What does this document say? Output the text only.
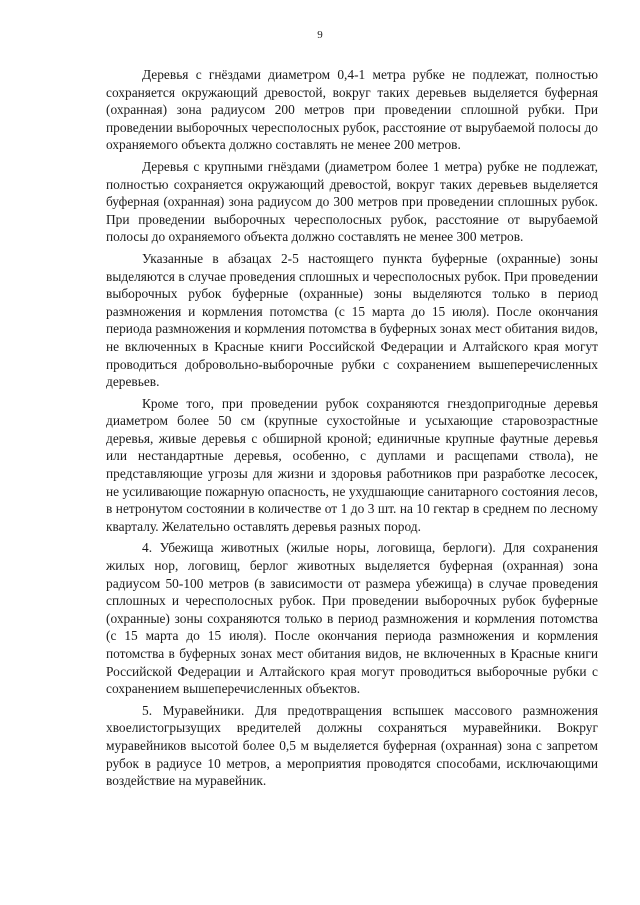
9

Деревья с гнёздами диаметром 0,4-1 метра рубке не подлежат, полностью сохраняется окружающий древостой, вокруг таких деревьев выделяется буферная (охранная) зона радиусом 200 метров при проведении сплошной рубки. При проведении выборочных чересполосных рубок, расстояние от вырубаемой полосы до охраняемого объекта должно составлять не менее 200 метров.

Деревья с крупными гнёздами (диаметром более 1 метра) рубке не подлежат, полностью сохраняется окружающий древостой, вокруг таких деревьев выделяется буферная (охранная) зона радиусом до 300 метров при проведении сплошных рубок. При проведении выборочных чересполосных рубок, расстояние от вырубаемой полосы до охраняемого объекта должно составлять не менее 300 метров.

Указанные в абзацах 2-5 настоящего пункта буферные (охранные) зоны выделяются в случае проведения сплошных и чересполосных рубок. При проведении выборочных рубок буферные (охранные) зоны выделяются только в период размножения и кормления потомства (с 15 марта до 15 июля). После окончания периода размножения и кормления потомства в буферных зонах мест обитания видов, не включенных в Красные книги Российской Федерации и Алтайского края могут проводиться добровольно-выборочные рубки с сохранением вышеперечисленных деревьев.

Кроме того, при проведении рубок сохраняются гнездопригодные деревья диаметром более 50 см (крупные сухостойные и усыхающие старовозрастные деревья, живые деревья с обширной кроной; единичные крупные фаутные деревья или нестандартные деревья, особенно, с дуплами и расщепами ствола), не представляющие угрозы для жизни и здоровья работников при разработке лесосек, не усиливающие пожарную опасность, не ухудшающие санитарного состояния лесов, в нетронутом состоянии в количестве от 1 до 3 шт. на 10 гектар в среднем по лесному кварталу. Желательно оставлять деревья разных пород.

4. Убежища животных (жилые норы, логовища, берлоги). Для сохранения жилых нор, логовищ, берлог животных выделяется буферная (охранная) зона радиусом 50-100 метров (в зависимости от размера убежища) в случае проведения сплошных и чересполосных рубок. При проведении выборочных рубок буферные (охранные) зоны сохраняются только в период размножения и кормления потомства (с 15 марта до 15 июля). После окончания периода размножения и кормления потомства в буферных зонах мест обитания видов, не включенных в Красные книги Российской Федерации и Алтайского края могут проводиться выборочные рубки с сохранением вышеперечисленных объектов.

5. Муравейники. Для предотвращения вспышек массового размножения хвоелистогрызущих вредителей должны сохраняться муравейники. Вокруг муравейников высотой более 0,5 м выделяется буферная (охранная) зона с запретом рубок в радиусе 10 метров, а мероприятия проводятся способами, исключающими воздействие на муравейник.
